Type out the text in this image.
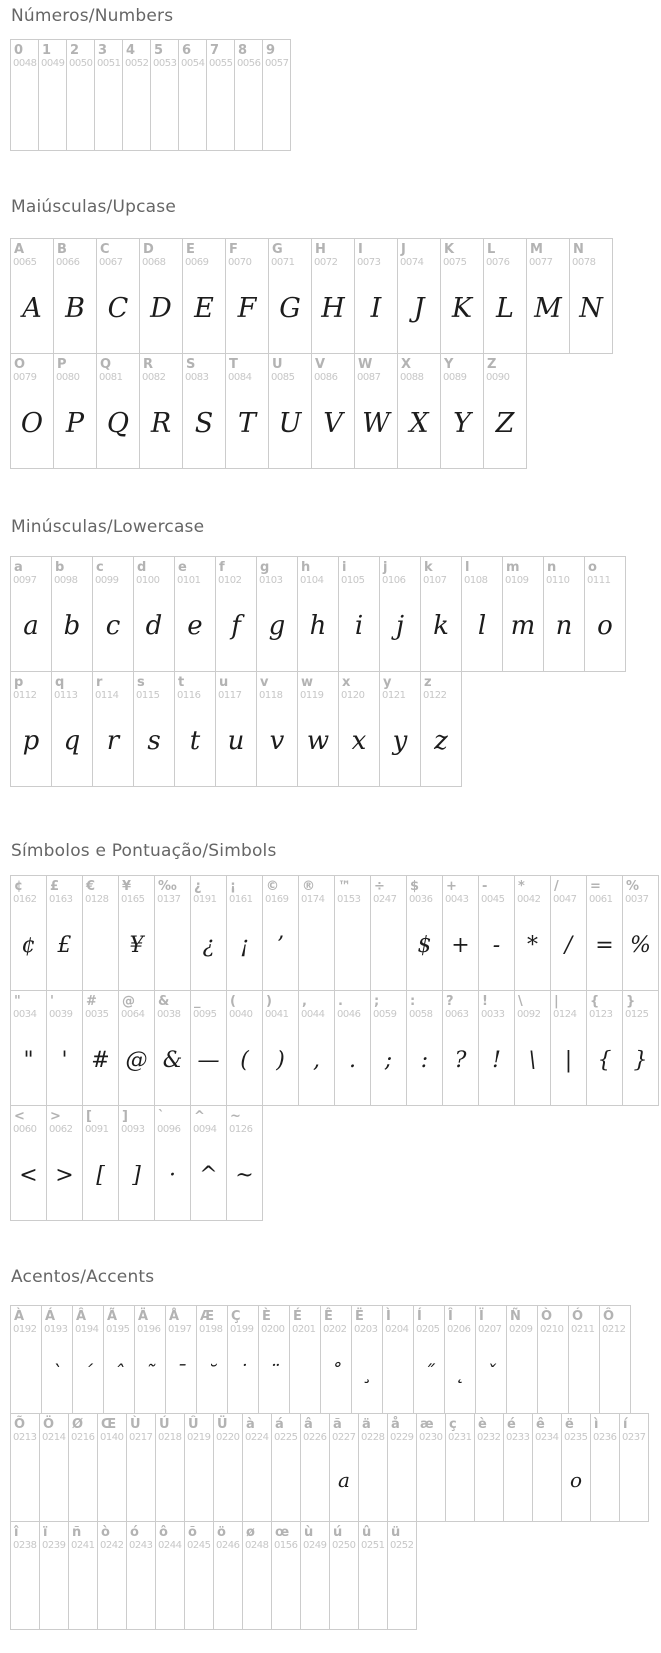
Números/Numbers
0
0048
1
0049
2
0050
3
0051
4
0052
5
0053
6
0054
7
0055
8
0056
9
0057
Maiúsculas/Upcase
A
0065
A
B
0066
B
C
0067
C
D
0068
D
E
0069
E
F
0070
F
G
0071
G
H
0072
H
I
0073
I
J
0074
J
K
0075
K
L
0076
L
M
0077
M
N
0078
N
O
0079
O
P
0080
P
Q
0081
Q
R
0082
R
S
0083
S
T
0084
T
U
0085
U
V
0086
V
W
0087
W
X
0088
X
Y
0089
Y
Z
0090
Z
Minúsculas/Lowercase
a
0097
a
b
0098
b
c
0099
c
d
0100
d
e
0101
e
f
0102
f
g
0103
g
h
0104
h
i
0105
i
j
0106
j
k
0107
k
l
0108
l
m
0109
m
n
0110
n
o
0111
o
p
0112
p
q
0113
q
r
0114
r
s
0115
s
t
0116
t
u
0117
u
v
0118
v
w
0119
w
x
0120
x
y
0121
y
z
0122
z
Símbolos e Pontuação/Simbols
¢
0162
¢
£
0163
£
€
0128
¥
0165
¥
‰
0137
¿
0191
¿
¡
0161
¡
©
0169
’
®
0174
™
0153
÷
0247
$
0036
$
+
0043
+
-
0045
-
*
0042
*
/
0047
/
=
0061
=
%
0037
%
"
0034
"
'
0039
'
#
0035
#
@
0064
@
&
0038
&
_
0095
—
(
0040
(
)
0041
)
,
0044
,
.
0046
.
;
0059
;
:
0058
:
?
0063
?
!
0033
!
\
0092
\
|
0124
|
{
0123
{
}
0125
}
<
0060
<
>
0062
>
[
0091
[
]
0093
]
`
0096
·
^
0094
^
~
0126
~
Acentos/Accents
À
0192
Á
0193
`
Â
0194
´
Ã
0195
ˆ
Ä
0196
˜
Å
0197
¯
Æ
0198
˘
Ç
0199
˙
È
0200
¨
É
0201
Ê
0202
˚
Ë
0203
¸
Ì
0204
Í
0205
˝
Î
0206
˛
Ï
0207
ˇ
Ñ
0209
Ò
0210
Ó
0211
Ô
0212
Õ
0213
Ö
0214
Ø
0216
Œ
0140
Ù
0217
Ú
0218
Û
0219
Ü
0220
à
0224
á
0225
â
0226
ã
0227
a
ä
0228
å
0229
æ
0230
ç
0231
è
0232
é
0233
ê
0234
ë
0235
o
ì
0236
í
0237
î
0238
ï
0239
ñ
0241
ò
0242
ó
0243
ô
0244
õ
0245
ö
0246
ø
0248
œ
0156
ù
0249
ú
0250
û
0251
ü
0252
